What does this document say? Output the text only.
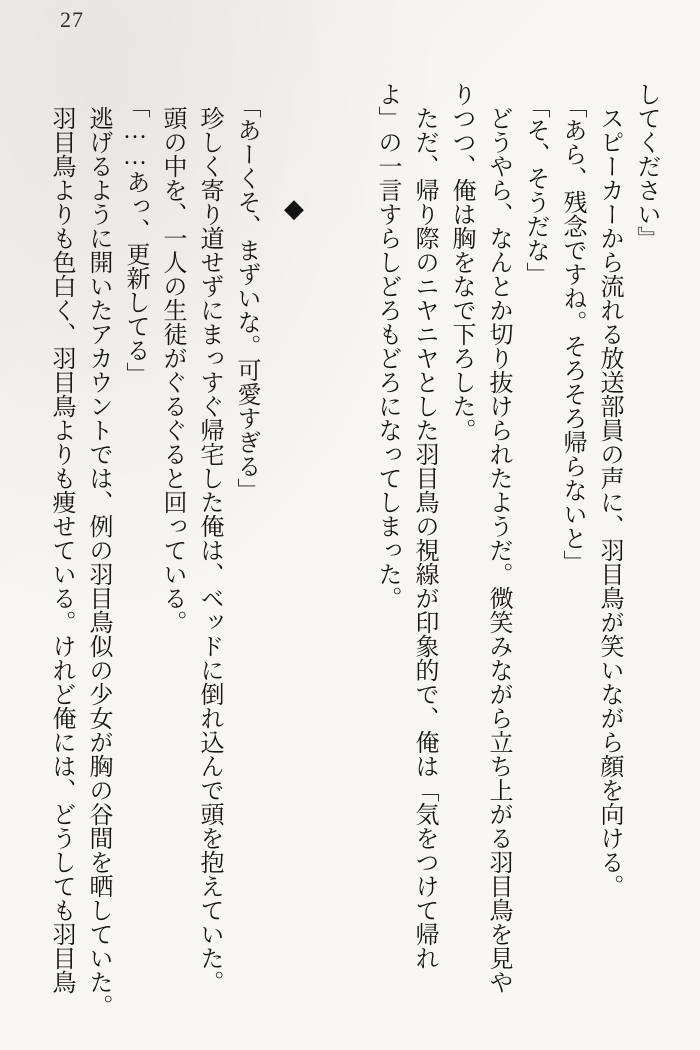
27

してください』

スピーカーから流れる放送部員の声に、羽目鳥が笑いながら顔を向ける。

「あら、残念ですね。そろそろ帰らないと」

「そ、そうだな」

どうやら、なんとか切り抜けられたようだ。微笑みながら立ち上がる羽目鳥を見や

りつつ、俺は胸をなで下ろした。

ただ、帰り際のニヤニヤとした羽目鳥の視線が印象的で、俺は「気をつけて帰れ

よ」の一言すらしどろもどろになってしまった。

◆

「あーくそ、まずいな。可愛すぎる」

珍しく寄り道せずにまっすぐ帰宅した俺は、ベッドに倒れ込んで頭を抱えていた。

頭の中を、一人の生徒がぐるぐると回っている。

「……あっ、更新してる」

逃げるように開いたアカウントでは、例の羽目鳥似の少女が胸の谷間を晒していた。

羽目鳥よりも色白く、羽目鳥よりも痩せている。けれど俺には、どうしても羽目鳥
